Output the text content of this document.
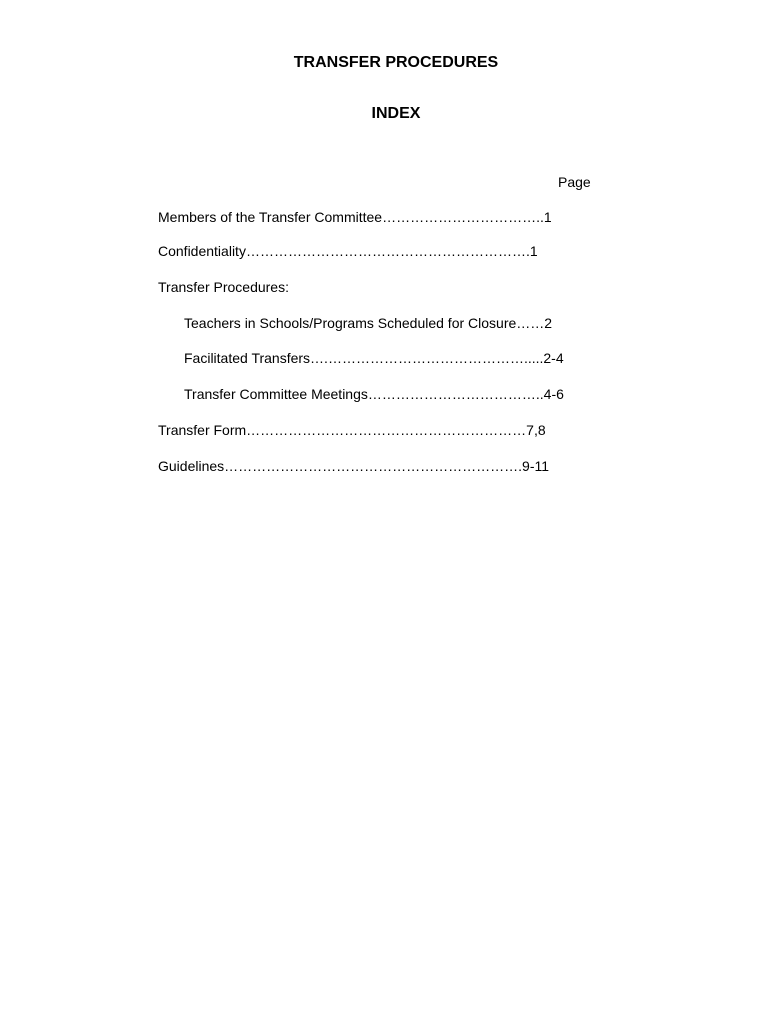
TRANSFER PROCEDURES
INDEX
Page
Members of the Transfer Committee……………………………..1
Confidentiality…………………………………………………….1
Transfer Procedures:
Teachers in Schools/Programs Scheduled for Closure……2
Facilitated Transfers….…………………………………….....2-4
Transfer Committee Meetings………………………………..4-6
Transfer Form……………………………………………………7,8
Guidelines……………………………………………………….9-11
